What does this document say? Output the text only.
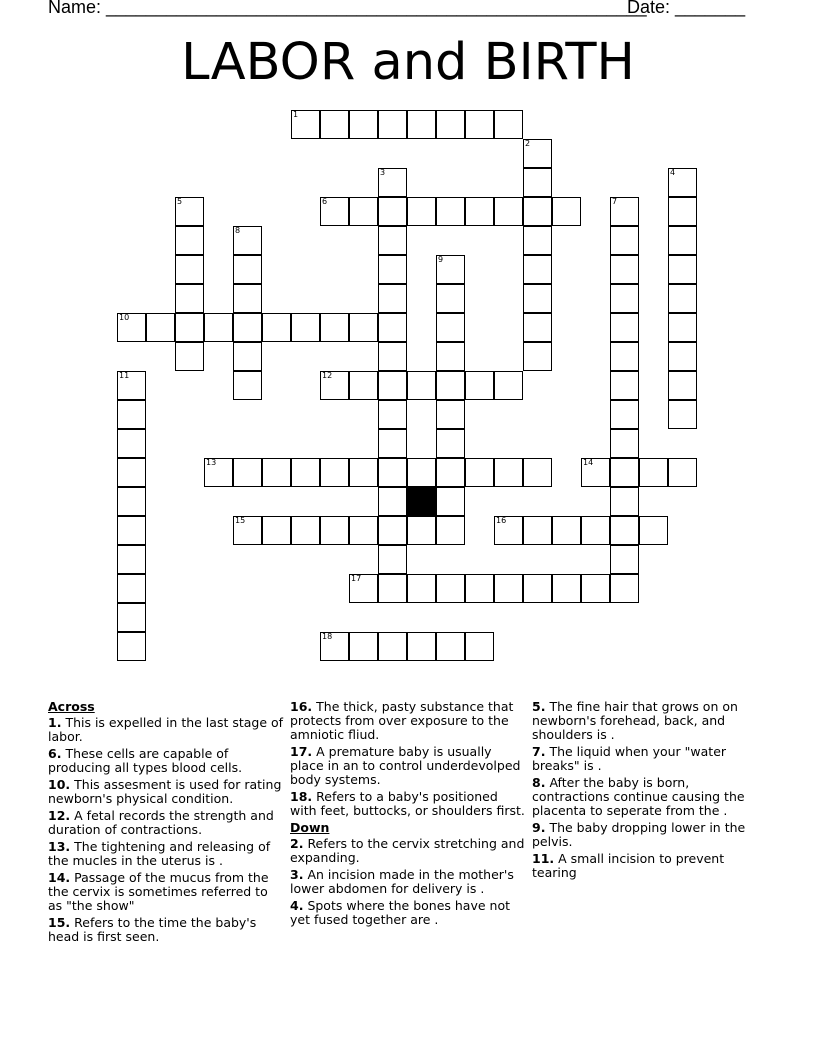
Name: ______________________________________________________
Date: _______
LABOR and BIRTH
1
2
3	4
5	6	7
8
9
10
11	12
13	14
15	16
17
18
Across
1. This is expelled in the last stage of labor.
6. These cells are capable of producing all types blood cells.
10. This assesment is used for rating newborn's physical condition.
12. A fetal records the strength and duration of contractions.
13. The tightening and releasing of the mucles in the uterus is .
14. Passage of the mucus from the the cervix is sometimes referred to as "the show"
15. Refers to the time the baby's head is first seen.
16. The thick, pasty substance that protects from over exposure to the amniotic fliud.
17. A premature baby is usually place in an to control underdevolped body systems.
18. Refers to a baby's positioned with feet, buttocks, or shoulders first.
Down
2. Refers to the cervix stretching and expanding.
3. An incision made in the mother's lower abdomen for delivery is .
4. Spots where the bones have not yet fused together are .
5. The fine hair that grows on on newborn's forehead, back, and shoulders is .
7. The liquid when your "water breaks" is .
8. After the baby is born, contractions continue causing the placenta to seperate from the .
9. The baby dropping lower in the pelvis.
11. A small incision to prevent tearing
